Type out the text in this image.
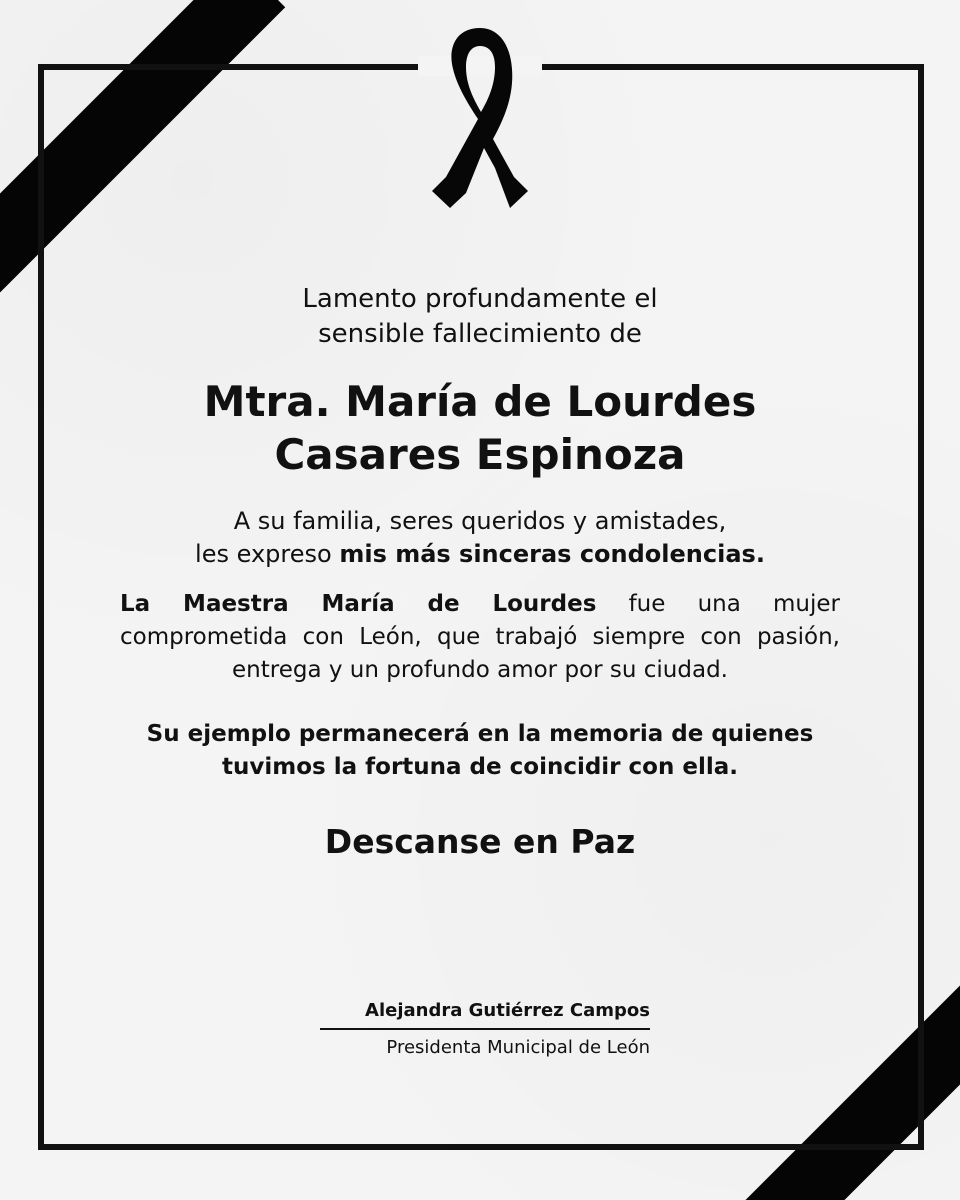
Lamento profundamente el
sensible fallecimiento de

Mtra. María de Lourdes
Casares Espinoza

A su familia, seres queridos y amistades,
les expreso mis más sinceras condolencias.

La Maestra María de Lourdes fue una mujer comprometida con León, que trabajó siempre con pasión, entrega y un profundo amor por su ciudad.

Su ejemplo permanecerá en la memoria de quienes
tuvimos la fortuna de coincidir con ella.

Descanse en Paz
Alejandra Gutiérrez Campos
Presidenta Municipal de León
